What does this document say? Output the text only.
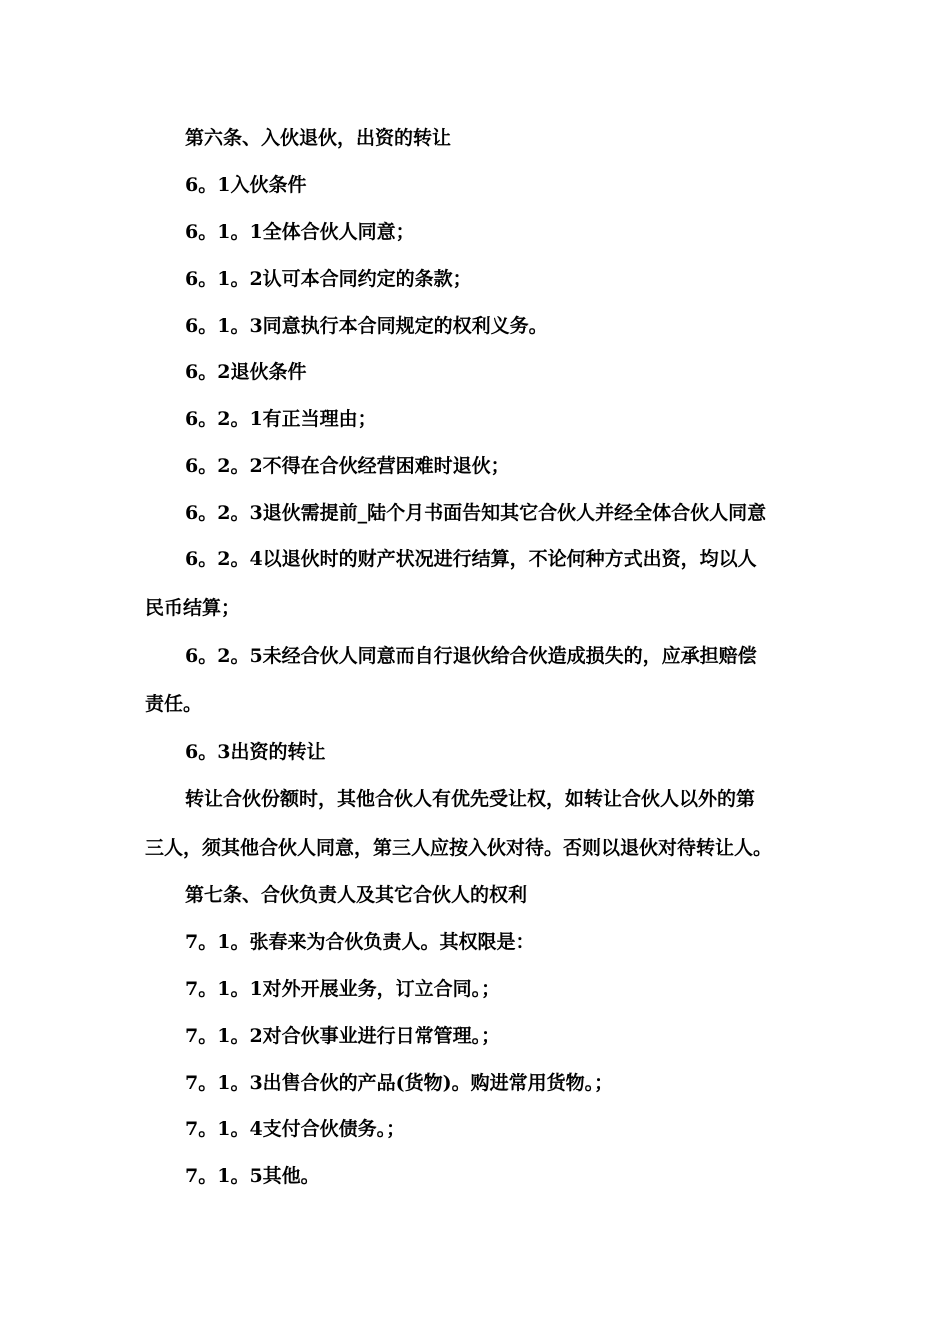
第六条、入伙退伙，出资的转让
6。1入伙条件
6。1。1全体合伙人同意；
6。1。2认可本合同约定的条款；
6。1。3同意执行本合同规定的权利义务。
6。2退伙条件
6。2。1有正当理由；
6。2。2不得在合伙经营困难时退伙；
6。2。3退伙需提前_陆个月书面告知其它合伙人并经全体合伙人同意
6。2。4以退伙时的财产状况进行结算，不论何种方式出资，均以人
民币结算；
6。2。5未经合伙人同意而自行退伙给合伙造成损失的，应承担赔偿
责任。
6。3出资的转让
转让合伙份额时，其他合伙人有优先受让权，如转让合伙人以外的第
三人，须其他合伙人同意，第三人应按入伙对待。否则以退伙对待转让人。
第七条、合伙负责人及其它合伙人的权利
7。1。张春来为合伙负责人。其权限是：
7。1。1对外开展业务，订立合同。；
7。1。2对合伙事业进行日常管理。；
7。1。3出售合伙的产品(货物)。购进常用货物。；
7。1。4支付合伙债务。；
7。1。5其他。
